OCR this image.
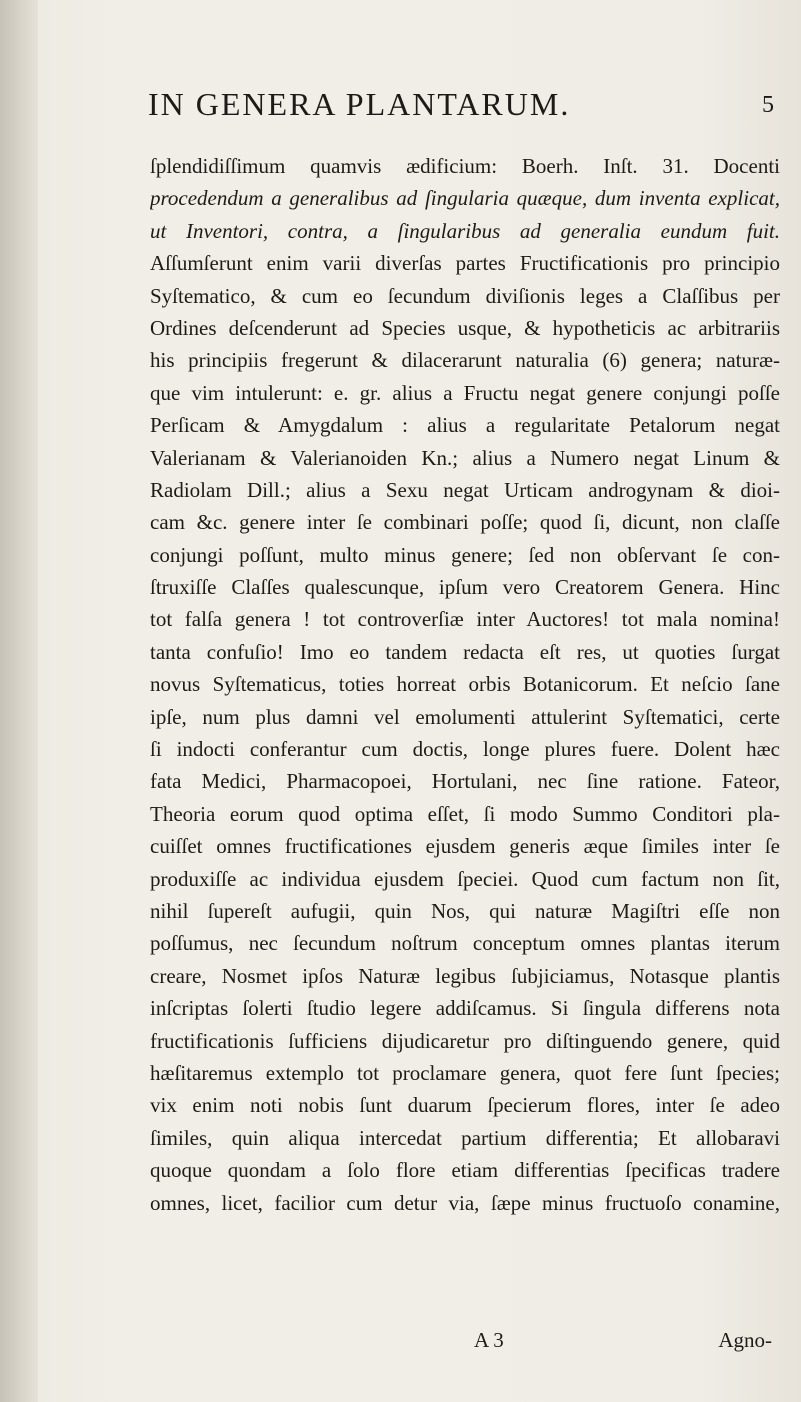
IN GENERA PLANTARUM.	5
ſplendidiſſimum quamvis ædificium: Boerh. Inſt. 31. Docenti
procedendum a generalibus ad ſingularia quæque, dum inventa explicat,
ut Inventori, contra, a ſingularibus ad generalia eundum fuit.
Aſſumſerunt enim varii diverſas partes Fructificationis pro principio
Syſtematico, & cum eo ſecundum diviſionis leges a Claſſibus per
Ordines deſcenderunt ad Species usque, & hypotheticis ac arbitrariis
his principiis fregerunt & dilacerarunt naturalia (6) genera; naturæ-
que vim intulerunt: e. gr. alius a Fructu negat genere conjungi poſſe
Perſicam & Amygdalum : alius a regularitate Petalorum negat
Valerianam & Valerianoiden Kn.; alius a Numero negat Linum &
Radiolam Dill.; alius a Sexu negat Urticam androgynam & dioi-
cam &c. genere inter ſe combinari poſſe; quod ſi, dicunt, non claſſe
conjungi poſſunt, multo minus genere; ſed non obſervant ſe con-
ſtruxiſſe Claſſes qualescunque, ipſum vero Creatorem Genera. Hinc
tot falſa genera ! tot controverſiæ inter Auctores! tot mala nomina!
tanta confuſio! Imo eo tandem redacta eſt res, ut quoties ſurgat
novus Syſtematicus, toties horreat orbis Botanicorum. Et neſcio ſane
ipſe, num plus damni vel emolumenti attulerint Syſtematici, certe
ſi indocti conferantur cum doctis, longe plures fuere. Dolent hæc
fata Medici, Pharmacopoei, Hortulani, nec ſine ratione. Fateor,
Theoria eorum quod optima eſſet, ſi modo Summo Conditori pla-
cuiſſet omnes fructificationes ejusdem generis æque ſimiles inter ſe
produxiſſe ac individua ejusdem ſpeciei. Quod cum factum non ſit,
nihil ſupereſt aufugii, quin Nos, qui naturæ Magiſtri eſſe non
poſſumus, nec ſecundum noſtrum conceptum omnes plantas iterum
creare, Nosmet ipſos Naturæ legibus ſubjiciamus, Notasque plantis
inſcriptas ſolerti ſtudio legere addiſcamus. Si ſingula differens nota
fructificationis ſufficiens dijudicaretur pro diſtinguendo genere, quid
hæſitaremus extemplo tot proclamare genera, quot fere ſunt ſpecies;
vix enim noti nobis ſunt duarum ſpecierum flores, inter ſe adeo
ſimiles, quin aliqua intercedat partium differentia; Et allobaravi
quoque quondam a ſolo flore etiam differentias ſpecificas tradere
omnes, licet, facilior cum detur via, ſæpe minus fructuoſo conamine,
A 3	Agno-
